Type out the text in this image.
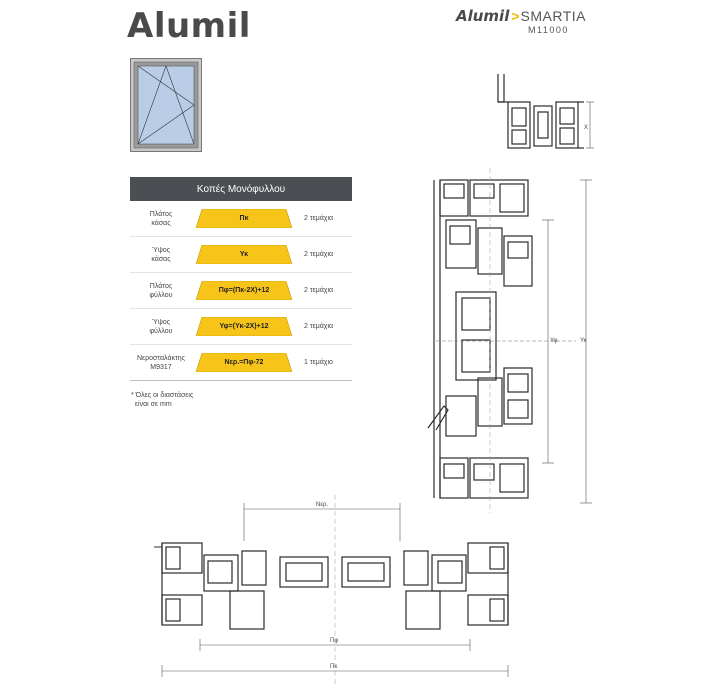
Alumil	Alumil > SMARTIA
M11000
Κοπές Μονόφυλλου
Πλάτος
κάσας
Πκ	2 τεμάχια
Ύψος
κάσας
Υκ	2 τεμάχια
Πλάτος
φύλλου
Πφ=(Πκ-2Χ)+12	2 τεμάχια
Ύψος
φύλλου
Υφ=(Υκ-2Χ)+12	2 τεμάχια
Νεροσταλάκτης
M9317
Νερ.=Πφ-72	1 τεμάχιο
* Όλες οι διαστάσεις
είναι σε mm
X
Υφ	Υκ
Νερ.
Πφ
Πκ
